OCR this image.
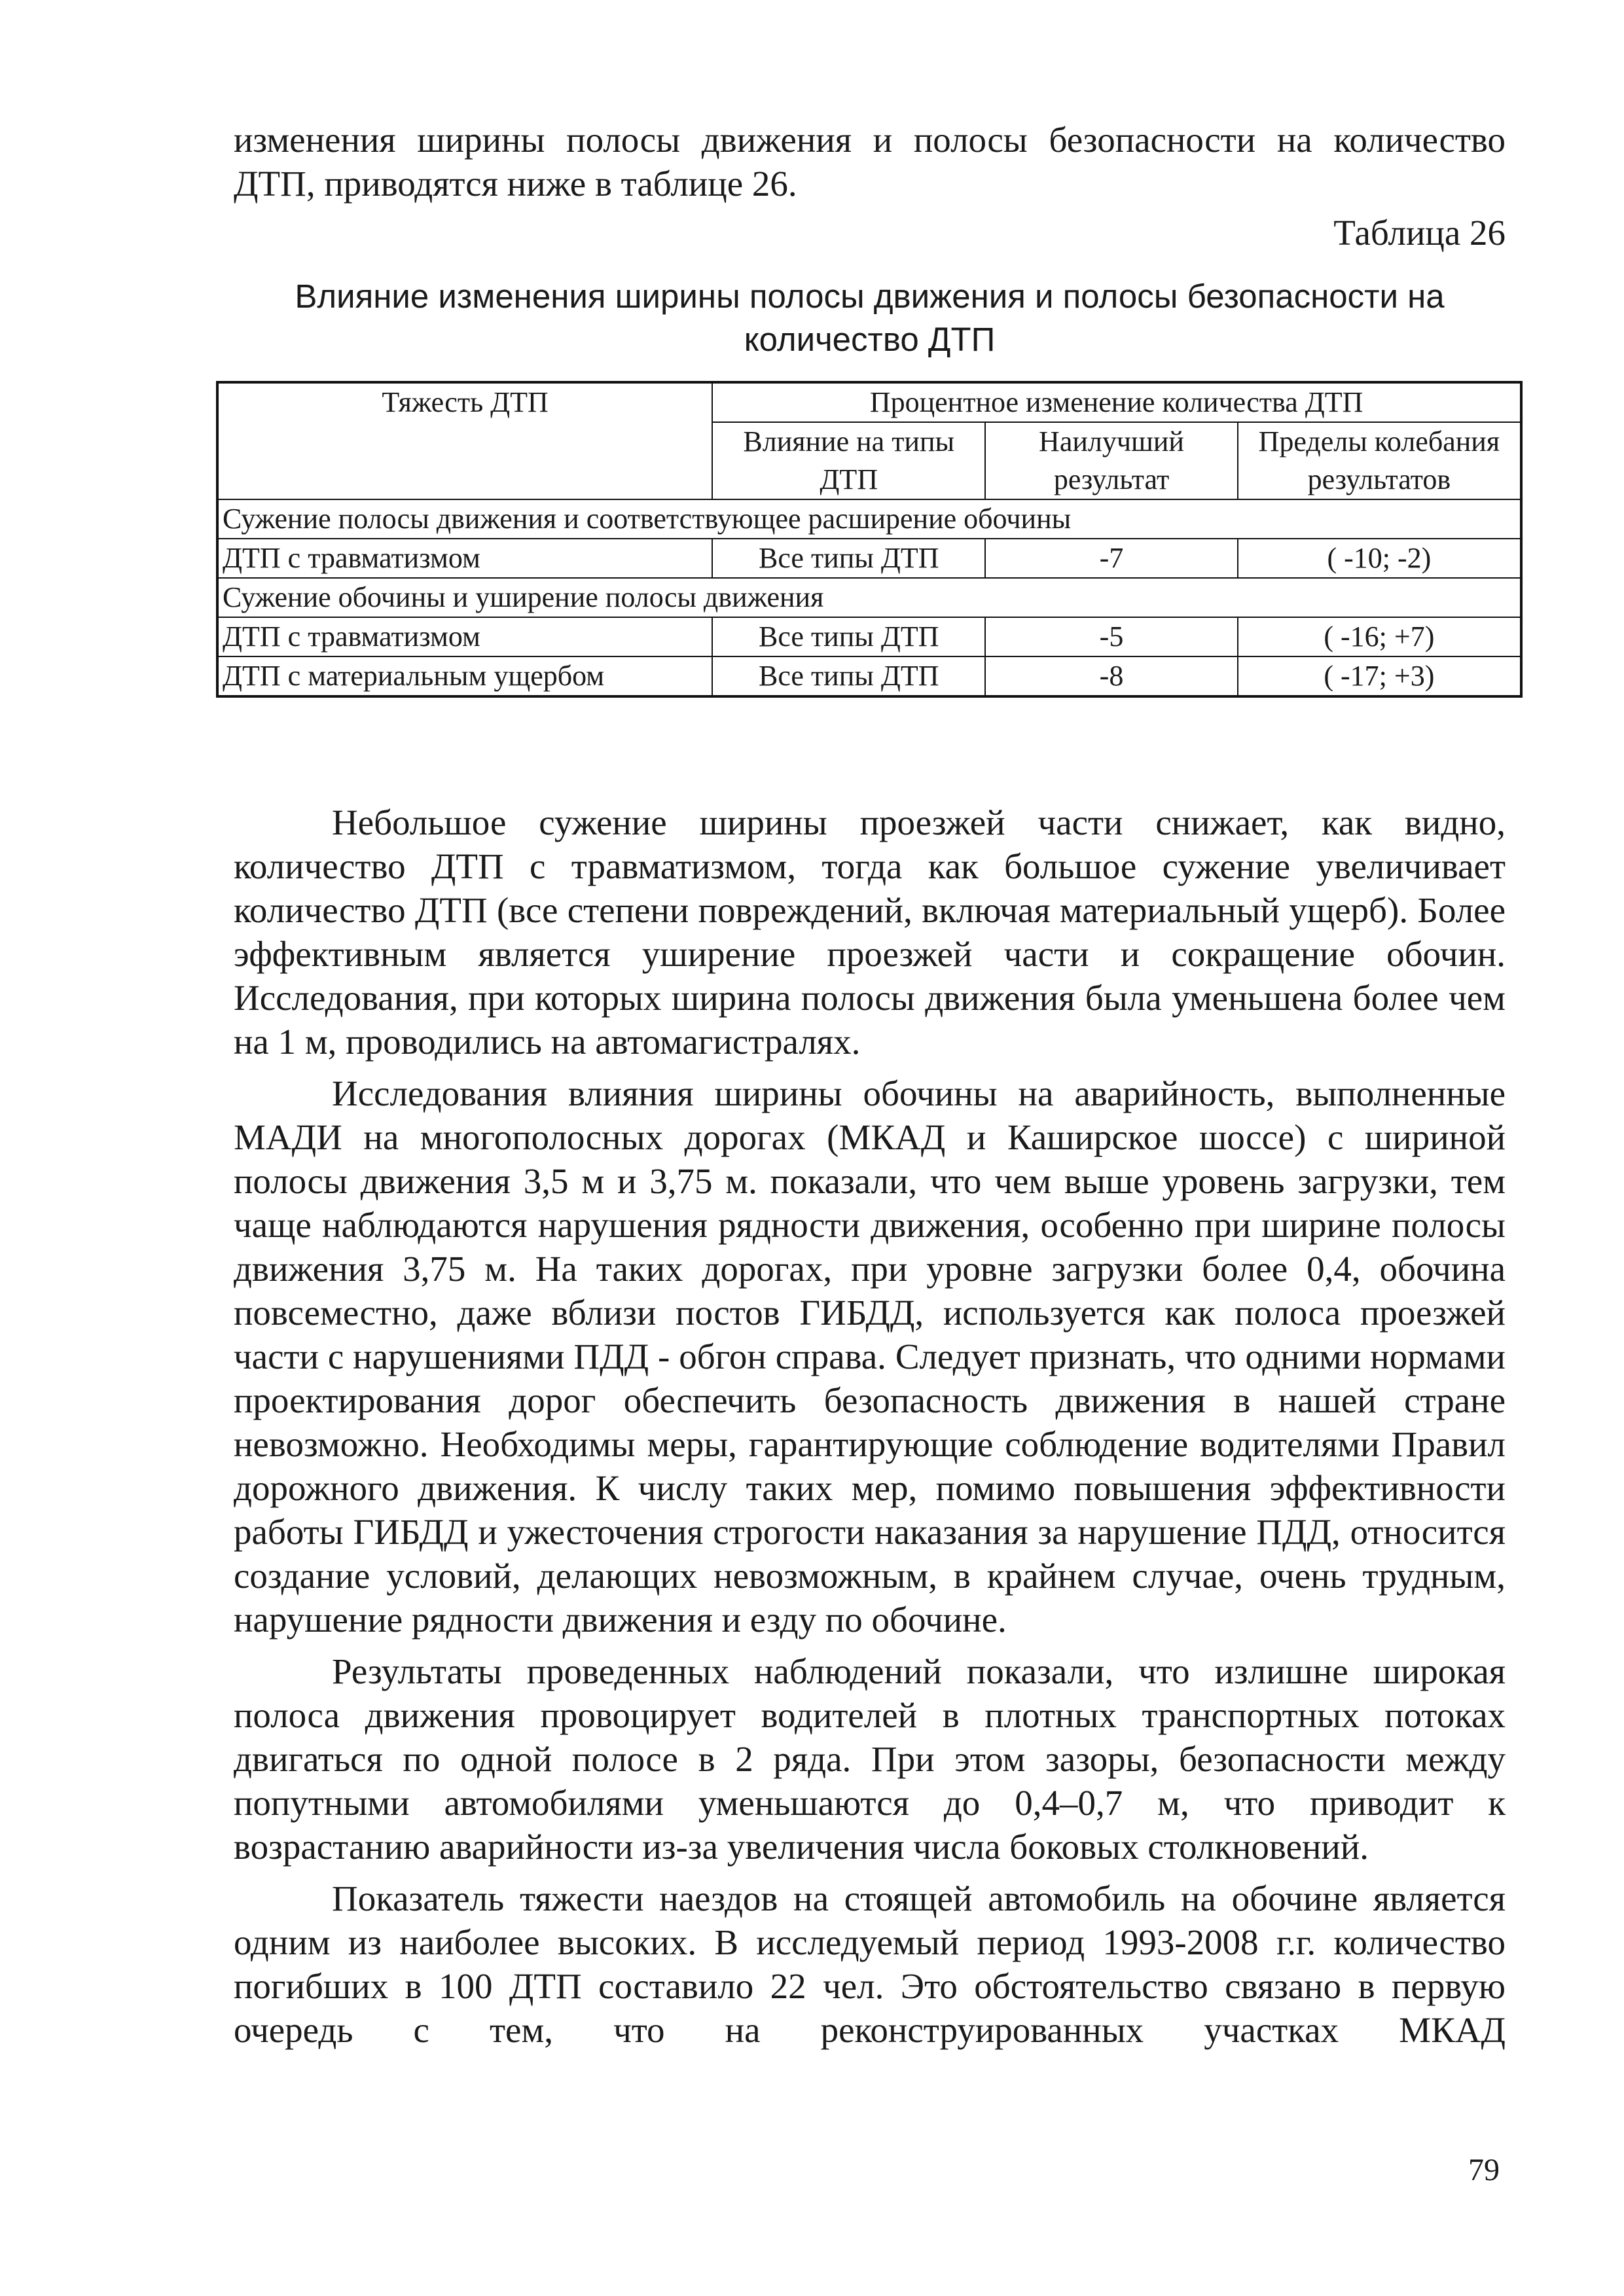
изменения ширины полосы движения и полосы безопасности на количество

ДТП, приводятся ниже в таблице 26.

Таблица 26
Влияние изменения ширины полосы движения и полосы безопасности на
количество ДТП
Тяжесть ДТП	Процентное изменение количества ДТП		
	Влияние на типы ДТП	Наилучший результат	Пределы колебания результатов
Сужение полосы движения и соответствующее расширение обочины			
ДТП с травматизмом	Все типы ДТП	-7	( -10; -2)
Сужение обочины и уширение полосы движения			
ДТП с травматизмом	Все типы ДТП	-5	( -16; +7)
ДТП с материальным ущербом	Все типы ДТП	-8	( -17; +3)

Небольшое сужение ширины проезжей части снижает, как видно, количество ДТП с травматизмом, тогда как большое сужение увеличивает количество ДТП (все степени повреждений, включая материальный ущерб). Более эффективным является уширение проезжей части и сокращение обочин. Исследования, при которых ширина полосы движения была уменьшена более чем на 1 м, проводились на автомагистралях.

Исследования влияния ширины обочины на аварийность, выполненные МАДИ на многополосных дорогах (МКАД и Каширское шоссе) с шириной полосы движения 3,5 м и 3,75 м. показали, что чем выше уровень загрузки, тем чаще наблюдаются нарушения рядности движения, особенно при ширине полосы движения 3,75 м. На таких дорогах, при уровне загрузки более 0,4, обочина повсеместно, даже вблизи постов ГИБДД, используется как полоса проезжей части с нарушениями ПДД - обгон справа. Следует признать, что одними нормами проектирования дорог обеспечить безопасность движения в нашей стране невозможно. Необходимы меры, гарантирующие соблюдение водителями Правил дорожного движения. К числу таких мер, помимо повышения эффективности работы ГИБДД и ужесточения строгости наказания за нарушение ПДД, относится создание условий, делающих невозможным, в крайнем случае, очень трудным, нарушение рядности движения и езду по обочине.

Результаты проведенных наблюдений показали, что излишне широкая полоса движения провоцирует водителей в плотных транспортных потоках двигаться по одной полосе в 2 ряда. При этом зазоры, безопасности между попутными автомобилями уменьшаются до 0,4–0,7 м, что приводит к возрастанию аварийности из-за увеличения числа боковых столкновений.

Показатель тяжести наездов на стоящей автомобиль на обочине является одним из наиболее высоких. В исследуемый период 1993-2008 г.г. количество погибших в 100 ДТП составило 22 чел. Это обстоятельство связано в первую очередь с тем, что на реконструированных участках МКАД

79
